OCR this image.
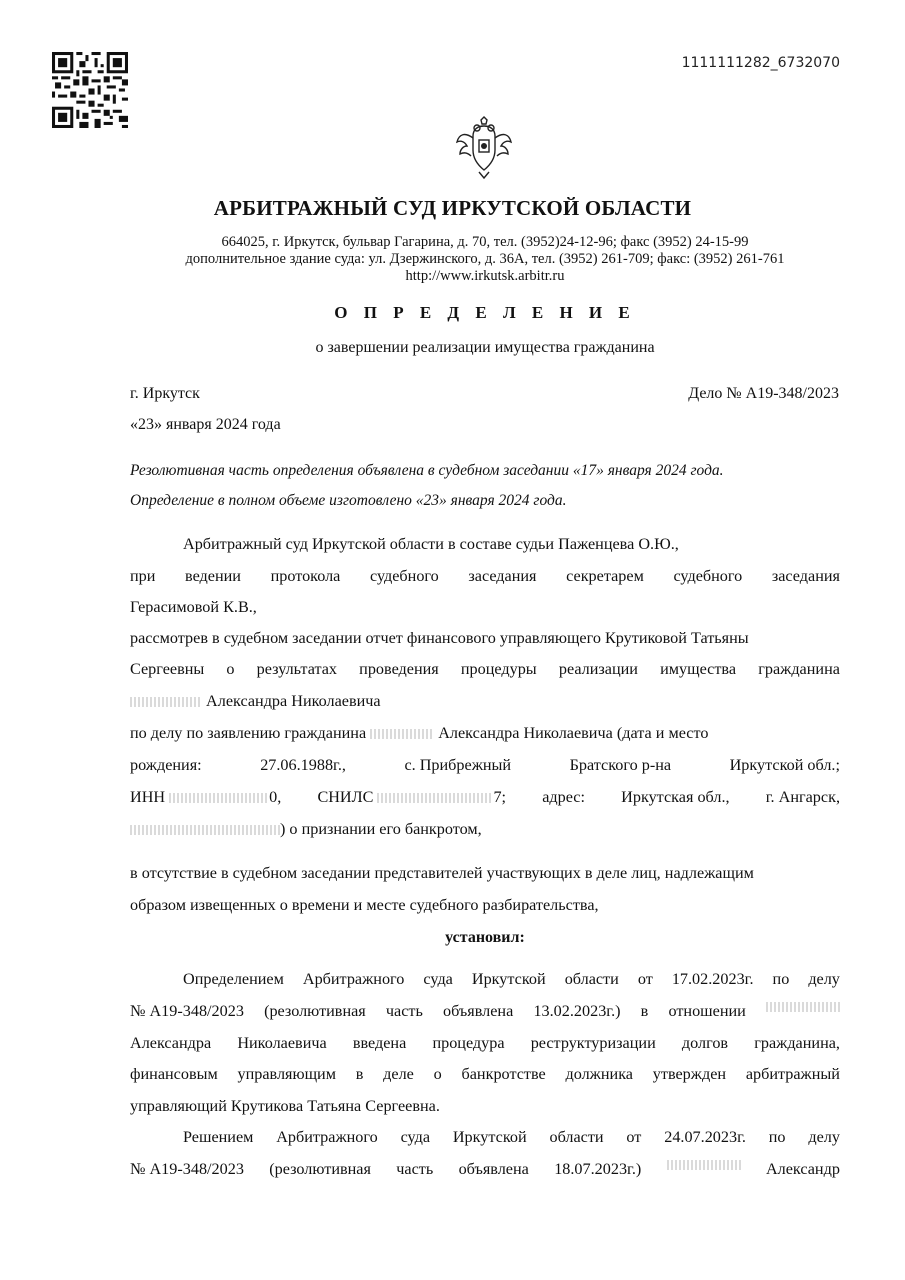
1111111282_6732070
АРБИТРАЖНЫЙ СУД ИРКУТСКОЙ ОБЛАСТИ
664025, г. Иркутск, бульвар Гагарина, д. 70, тел. (3952)24-12-96; факс (3952) 24-15-99
дополнительное здание суда: ул. Дзержинского, д. 36А, тел. (3952) 261-709; факс: (3952) 261-761
http://www.irkutsk.arbitr.ru
О П Р Е Д Е Л Е Н И Е
о завершении реализации имущества гражданина
г. Иркутск	Дело № А19-348/2023
«23» января 2024 года
Резолютивная часть определения объявлена в судебном заседании «17» января 2024 года.
Определение в полном объеме изготовлено «23» января 2024 года.
Арбитражный суд Иркутской области в составе судьи Паженцева О.Ю.,
при ведении протокола судебного заседания секретарем судебного заседания
Герасимовой К.В.,
рассмотрев в судебном заседании отчет финансового управляющего Крутиковой Татьяны
Сергеевны о результатах проведения процедуры реализации имущества гражданина
Александра Николаевича
по делу по заявлению гражданина	Александра Николаевича (дата и место
рождения:	27.06.1988г.,	с. Прибрежный	Братского р-на	Иркутской обл.;
ИНН	0, СНИЛС	7; адрес: Иркутская обл., г. Ангарск,
) о признании его банкротом,
в отсутствие в судебном заседании представителей участвующих в деле лиц, надлежащим
образом извещенных о времени и месте судебного разбирательства,
установил:
Определением Арбитражного суда Иркутской области от 17.02.2023г. по делу
№ А19-348/2023 (резолютивная часть объявлена 13.02.2023г.) в отношении
Александра Николаевича введена процедура реструктуризации долгов гражданина,
финансовым управляющим в деле о банкротстве должника утвержден арбитражный
управляющий Крутикова Татьяна Сергеевна.
Решением Арбитражного суда Иркутской области от 24.07.2023г. по делу
№ А19-348/2023 (резолютивная часть объявлена 18.07.2023г.)	Александр
